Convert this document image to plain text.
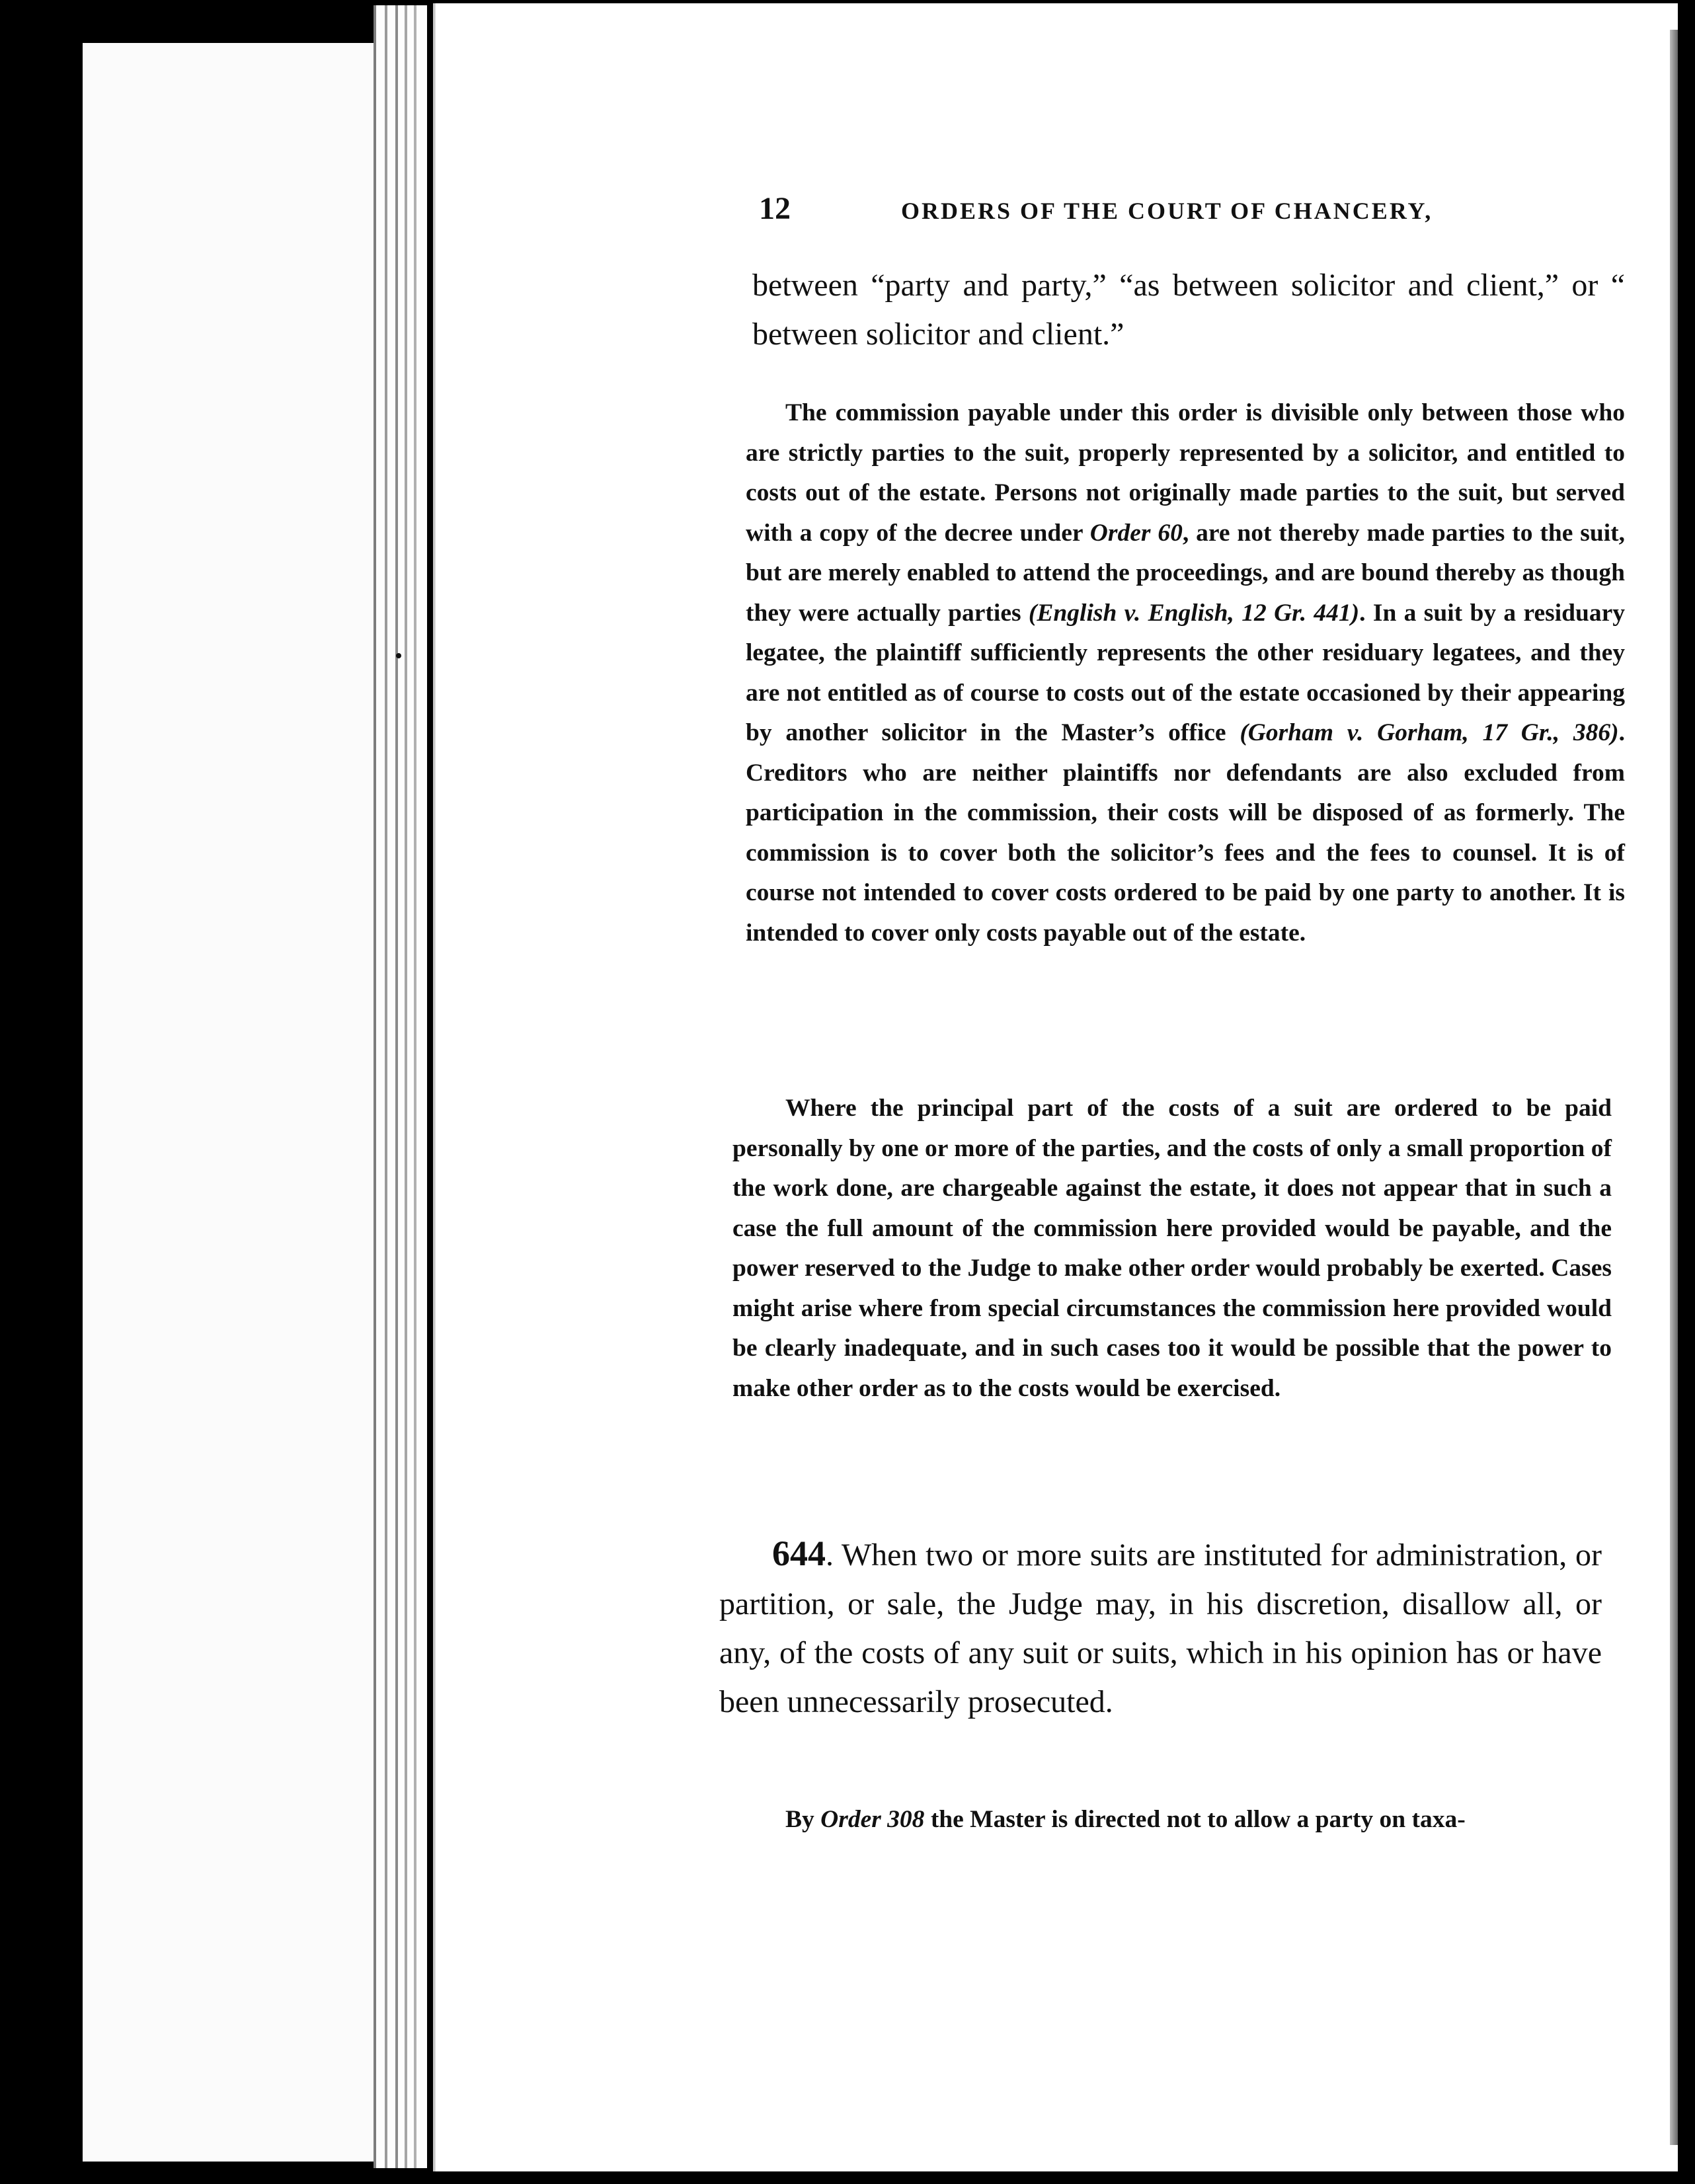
12	ORDERS OF THE COURT OF CHANCERY,

between “party and party,” “as between solicitor and client,” or “ between solicitor and client.”

The commission payable under this order is divisible only between those who are strictly parties to the suit, properly represented by a solicitor, and entitled to costs out of the estate. Persons not originally made parties to the suit, but served with a copy of the decree under Order 60, are not thereby made parties to the suit, but are merely enabled to attend the proceedings, and are bound thereby as though they were actually parties (English v. English, 12 Gr. 441). In a suit by a residuary legatee, the plaintiff sufficiently represents the other residuary legatees, and they are not entitled as of course to costs out of the estate occasioned by their appearing by another solicitor in the Master’s office (Gorham v. Gorham, 17 Gr., 386). Creditors who are neither plaintiffs nor defendants are also excluded from participation in the commission, their costs will be disposed of as formerly. The commission is to cover both the solicitor’s fees and the fees to counsel. It is of course not intended to cover costs ordered to be paid by one party to another. It is intended to cover only costs payable out of the estate.

Where the principal part of the costs of a suit are ordered to be paid personally by one or more of the parties, and the costs of only a small proportion of the work done, are chargeable against the estate, it does not appear that in such a case the full amount of the commission here provided would be payable, and the power reserved to the Judge to make other order would probably be exerted. Cases might arise where from special circumstances the commission here provided would be clearly inadequate, and in such cases too it would be possible that the power to make other order as to the costs would be exercised.

644. When two or more suits are instituted for administration, or partition, or sale, the Judge may, in his discretion, disallow all, or any, of the costs of any suit or suits, which in his opinion has or have been unnecessarily prosecuted.

By Order 308 the Master is directed not to allow a party on taxa-
